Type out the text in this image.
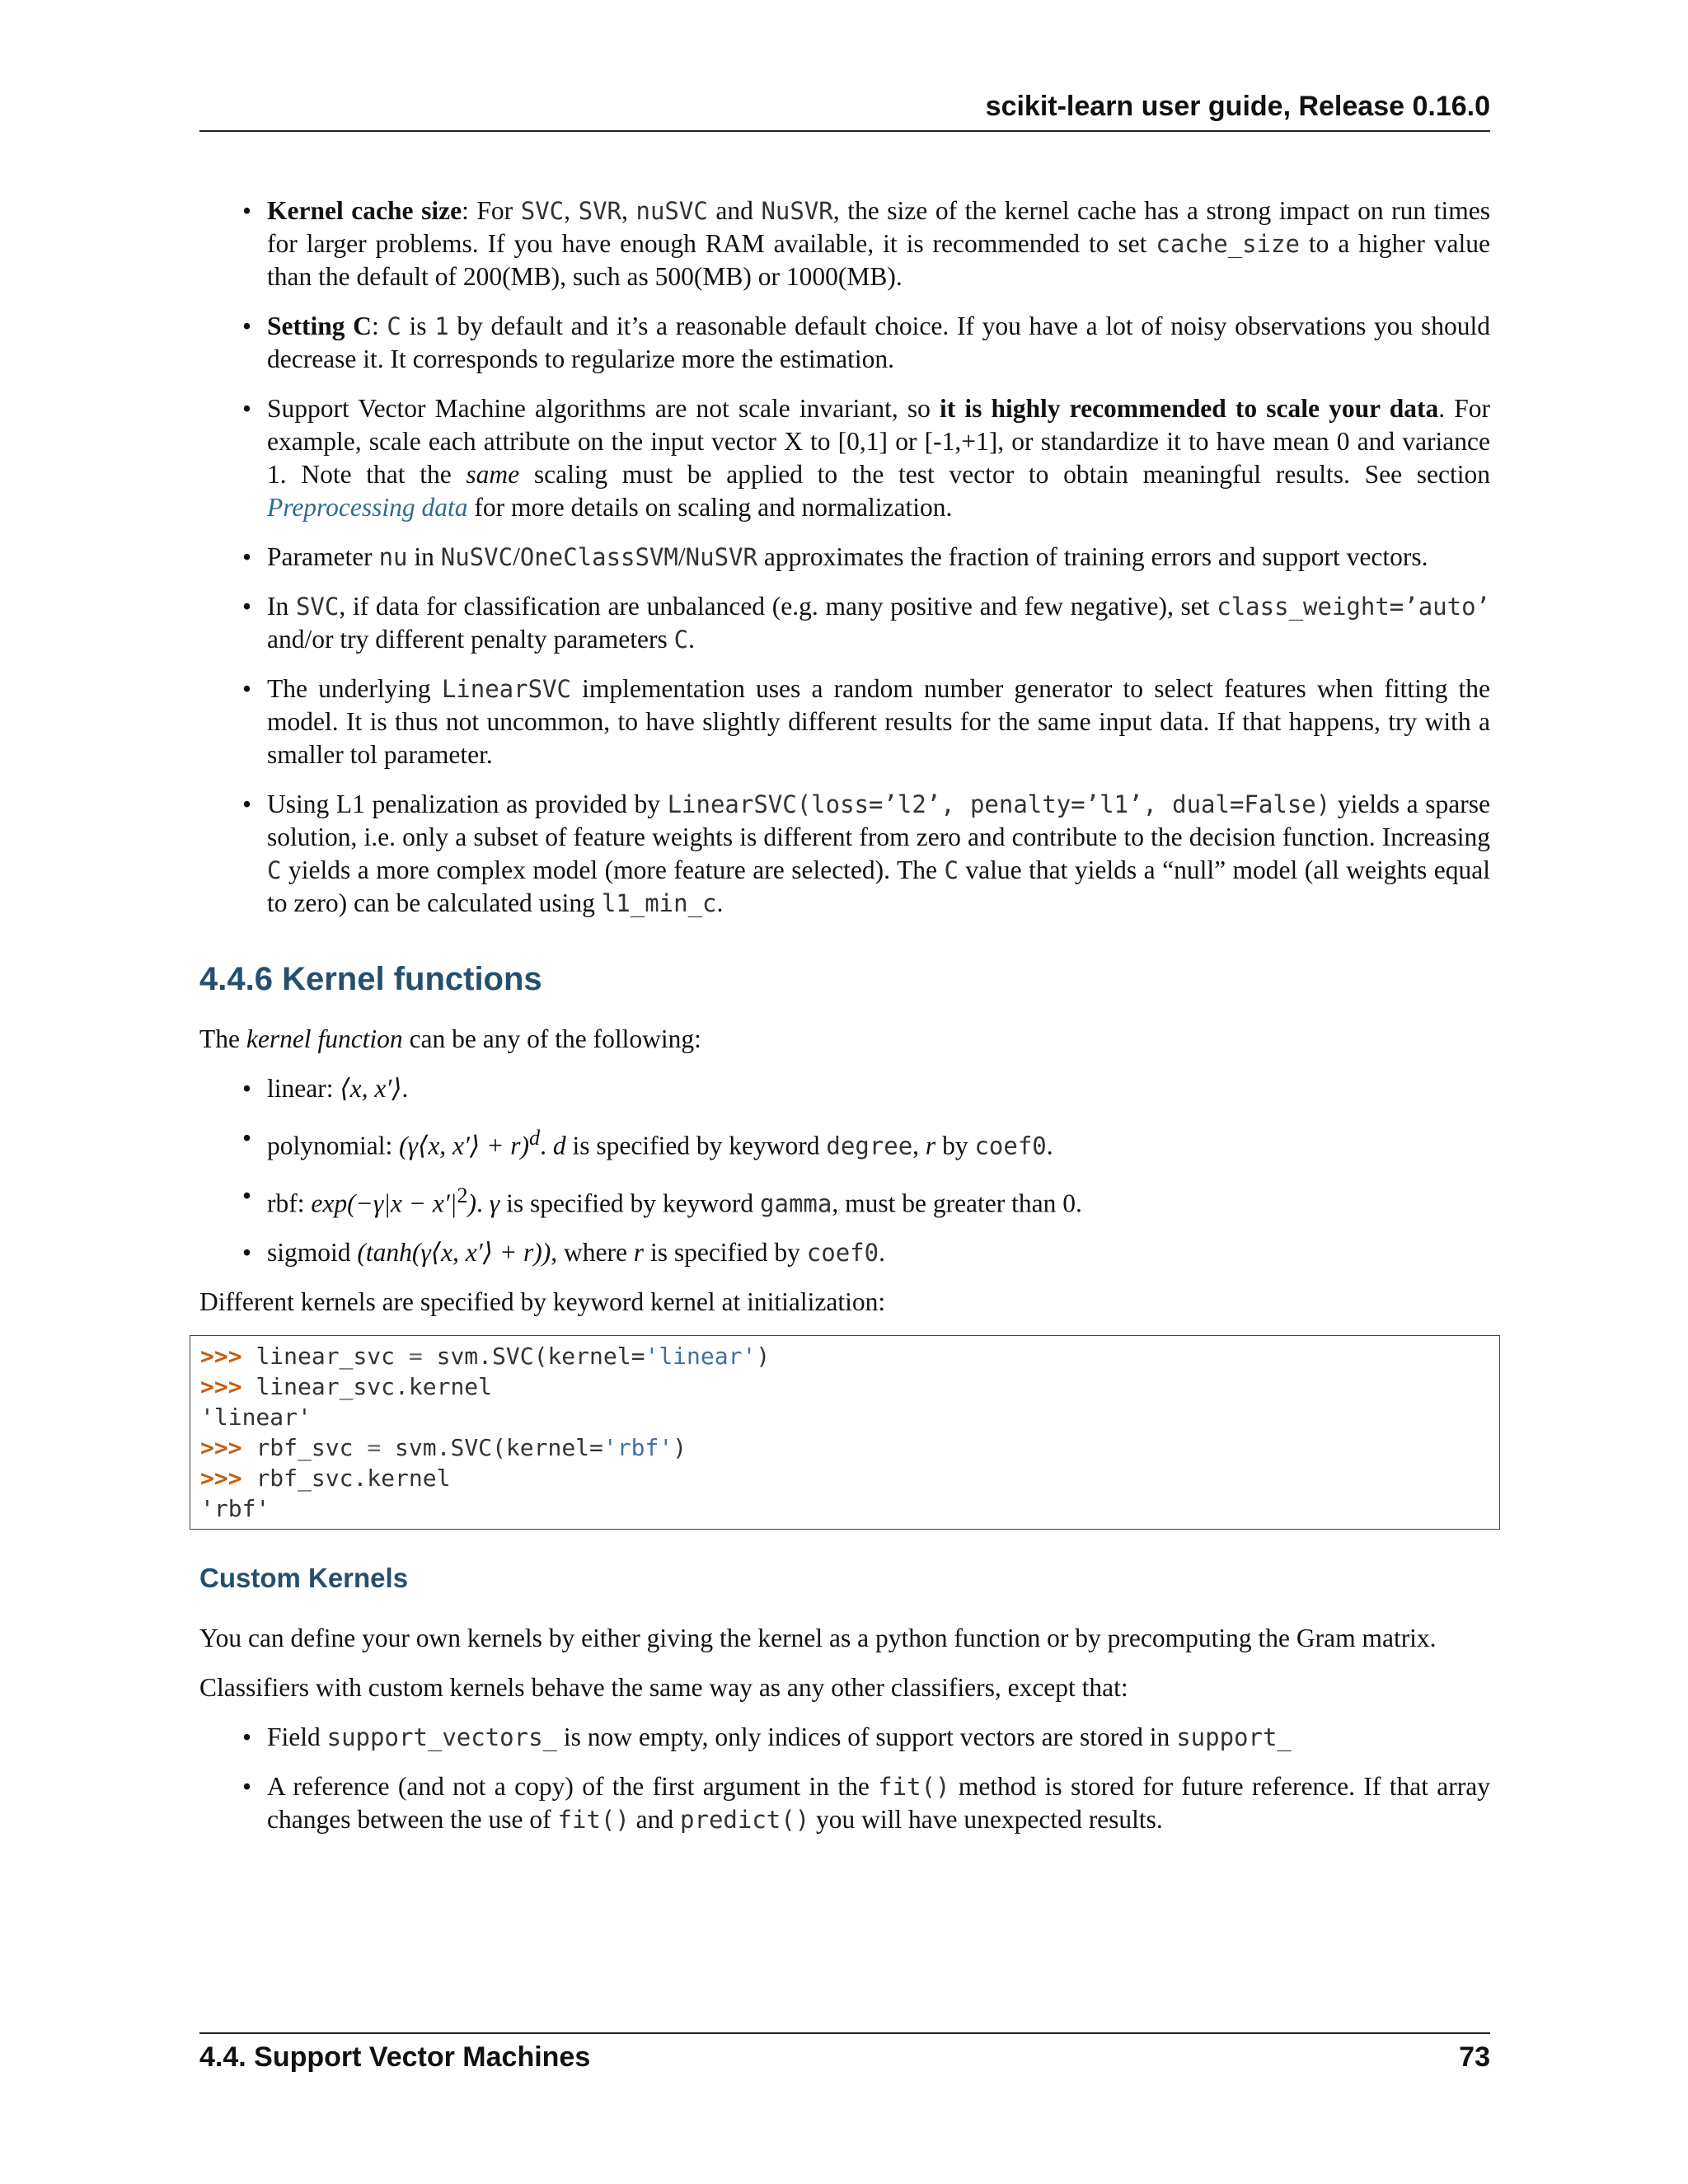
scikit-learn user guide, Release 0.16.0
• Kernel cache size: For SVC, SVR, nuSVC and NuSVR, the size of the kernel cache has a strong impact on run times for larger problems. If you have enough RAM available, it is recommended to set cache_size to a higher value than the default of 200(MB), such as 500(MB) or 1000(MB).
• Setting C: C is 1 by default and it’s a reasonable default choice. If you have a lot of noisy observations you should decrease it. It corresponds to regularize more the estimation.
• Support Vector Machine algorithms are not scale invariant, so it is highly recommended to scale your data. For example, scale each attribute on the input vector X to [0,1] or [-1,+1], or standardize it to have mean 0 and variance 1. Note that the same scaling must be applied to the test vector to obtain meaningful results. See section Preprocessing data for more details on scaling and normalization.
• Parameter nu in NuSVC/OneClassSVM/NuSVR approximates the fraction of training errors and support vectors.
• In SVC, if data for classification are unbalanced (e.g. many positive and few negative), set class_weight=’auto’ and/or try different penalty parameters C.
• The underlying LinearSVC implementation uses a random number generator to select features when fitting the model. It is thus not uncommon, to have slightly different results for the same input data. If that happens, try with a smaller tol parameter.
• Using L1 penalization as provided by LinearSVC(loss=’l2’, penalty=’l1’, dual=False) yields a sparse solution, i.e. only a subset of feature weights is different from zero and contribute to the decision function. Increasing C yields a more complex model (more feature are selected). The C value that yields a “null” model (all weights equal to zero) can be calculated using l1_min_c.
4.4.6 Kernel functions

The kernel function can be any of the following:

• linear: ⟨x, x′⟩.
• polynomial: (γ⟨x, x′⟩ + r)$^d$. d is specified by keyword degree, r by coef0.
• rbf: $\exp(-\gamma|x - x'|^2)$. γ is specified by keyword gamma, must be greater than 0.
• sigmoid (tanh(γ⟨x, x′⟩ + r)), where r is specified by coef0.

Different kernels are specified by keyword kernel at initialization:

>>> linear_svc = svm.SVC(kernel='linear')
>>> linear_svc.kernel
'linear'
>>> rbf_svc = svm.SVC(kernel='rbf')
>>> rbf_svc.kernel
'rbf'
Custom Kernels

You can define your own kernels by either giving the kernel as a python function or by precomputing the Gram matrix.

Classifiers with custom kernels behave the same way as any other classifiers, except that:

• Field support_vectors_ is now empty, only indices of support vectors are stored in support_
• A reference (and not a copy) of the first argument in the fit() method is stored for future reference. If that array changes between the use of fit() and predict() you will have unexpected results.
4.4. Support Vector Machines	73
